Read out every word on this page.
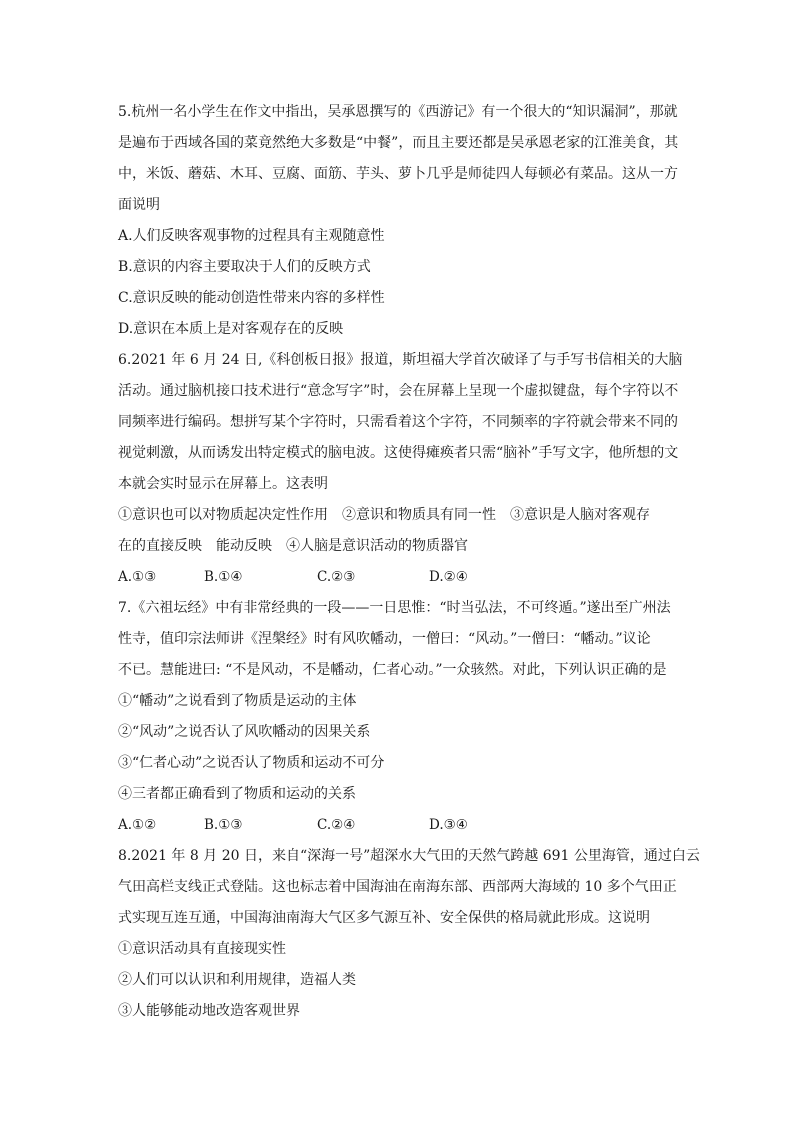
5.杭州一名小学生在作文中指出，吴承恩撰写的《西游记》有一个很大的“知识漏洞”，那就
是遍布于西域各国的菜竟然绝大多数是“中餐”，而且主要还都是吴承恩老家的江淮美食，其
中，米饭、蘑菇、木耳、豆腐、面筋、芋头、萝卜几乎是师徒四人每顿必有菜品。这从一方
面说明
A.人们反映客观事物的过程具有主观随意性
B.意识的内容主要取决于人们的反映方式
C.意识反映的能动创造性带来内容的多样性
D.意识在本质上是对客观存在的反映
6.2021 年 6 月 24 日,《科创板日报》报道，斯坦福大学首次破译了与手写书信相关的大脑
活动。通过脑机接口技术进行“意念写字”时，会在屏幕上呈现一个虚拟键盘，每个字符以不
同频率进行编码。想拼写某个字符时，只需看着这个字符，不同频率的字符就会带来不同的
视觉刺激，从而诱发出特定模式的脑电波。这使得瘫痪者只需“脑补”手写文字，他所想的文
本就会实时显示在屏幕上。这表明
①意识也可以对物质起决定性作用　②意识和物质具有同一性　③意识是人脑对客观存
在的直接反映　能动反映　④人脑是意识活动的物质器官
A.①③	B.①④	C.②③	D.②④
7.《六祖坛经》中有非常经典的一段——一日思惟：“时当弘法，不可终遁。”遂出至广州法
性寺，值印宗法师讲《涅槃经》时有风吹幡动，一僧曰：“风动。”一僧曰：“幡动。”议论
不已。慧能进曰: “不是风动，不是幡动，仁者心动。”一众骇然。对此，下列认识正确的是
①“幡动”之说看到了物质是运动的主体
②“风动”之说否认了风吹幡动的因果关系
③“仁者心动”之说否认了物质和运动不可分
④三者都正确看到了物质和运动的关系
A.①②	B.①③	C.②④	D.③④
8.2021 年 8 月 20 日，来自“深海一号”超深水大气田的天然气跨越 691 公里海管，通过白云
气田高栏支线正式登陆。这也标志着中国海油在南海东部、西部两大海域的 10 多个气田正
式实现互连互通，中国海油南海大气区多气源互补、安全保供的格局就此形成。这说明
①意识活动具有直接现实性
②人们可以认识和利用规律，造福人类
③人能够能动地改造客观世界
